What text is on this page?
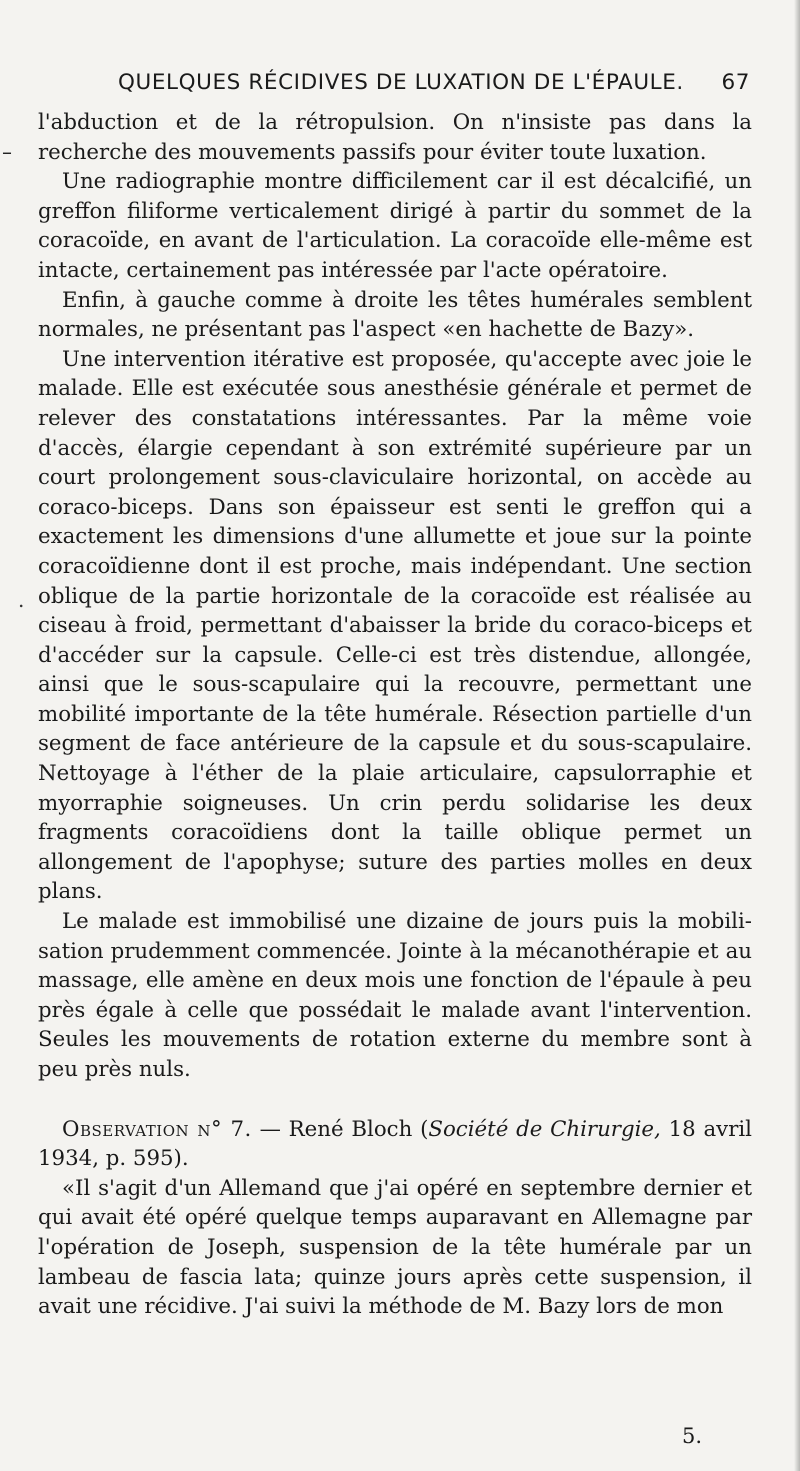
QUELQUES RÉCIDIVES DE LUXATION DE L'ÉPAULE. 67
–
.

l'abduction et de la rétropulsion. On n'insiste pas dans la recherche des mouvements passifs pour éviter toute luxation.

Une radiographie montre difficilement car il est décalcifié, un greffon filiforme verticalement dirigé à partir du sommet de la coracoïde, en avant de l'articulation. La coracoïde elle-même est intacte, certainement pas intéressée par l'acte opératoire.

Enfin, à gauche comme à droite les têtes humérales semblent normales, ne présentant pas l'aspect «en hachette de Bazy».

Une intervention itérative est proposée, qu'accepte avec joie le malade. Elle est exécutée sous anesthésie générale et permet de relever des constatations intéressantes. Par la même voie d'accès, élargie cependant à son extrémité supérieure par un court prolongement sous-claviculaire horizontal, on accède au coraco-biceps. Dans son épaisseur est senti le greffon qui a exactement les dimensions d'une allumette et joue sur la pointe coracoïdienne dont il est proche, mais indépendant. Une section oblique de la partie horizontale de la coracoïde est réalisée au ciseau à froid, permettant d'abaisser la bride du coraco-biceps et d'accéder sur la capsule. Celle-ci est très distendue, allongée, ainsi que le sous-scapulaire qui la recouvre, permettant une mobilité importante de la tête humérale. Résection partielle d'un segment de face antérieure de la capsule et du sous-scapulaire. Nettoyage à l'éther de la plaie articulaire, capsulorraphie et myorraphie soigneuses. Un crin perdu solidarise les deux fragments coracoïdiens dont la taille oblique permet un allongement de l'apophyse; suture des parties molles en deux plans.

Le malade est immobilisé une dizaine de jours puis la mobilisation prudemment commencée. Jointe à la mécanothérapie et au massage, elle amène en deux mois une fonction de l'épaule à peu près égale à celle que possédait le malade avant l'intervention. Seules les mouvements de rotation externe du membre sont à peu près nuls.

Observation n° 7. — René Bloch (Société de Chirurgie, 18 avril 1934, p. 595).

«Il s'agit d'un Allemand que j'ai opéré en septembre dernier et qui avait été opéré quelque temps auparavant en Allemagne par l'opération de Joseph, suspension de la tête humérale par un lambeau de fascia lata; quinze jours après cette suspension, il avait une récidive. J'ai suivi la méthode de M. Bazy lors de mon

5.
